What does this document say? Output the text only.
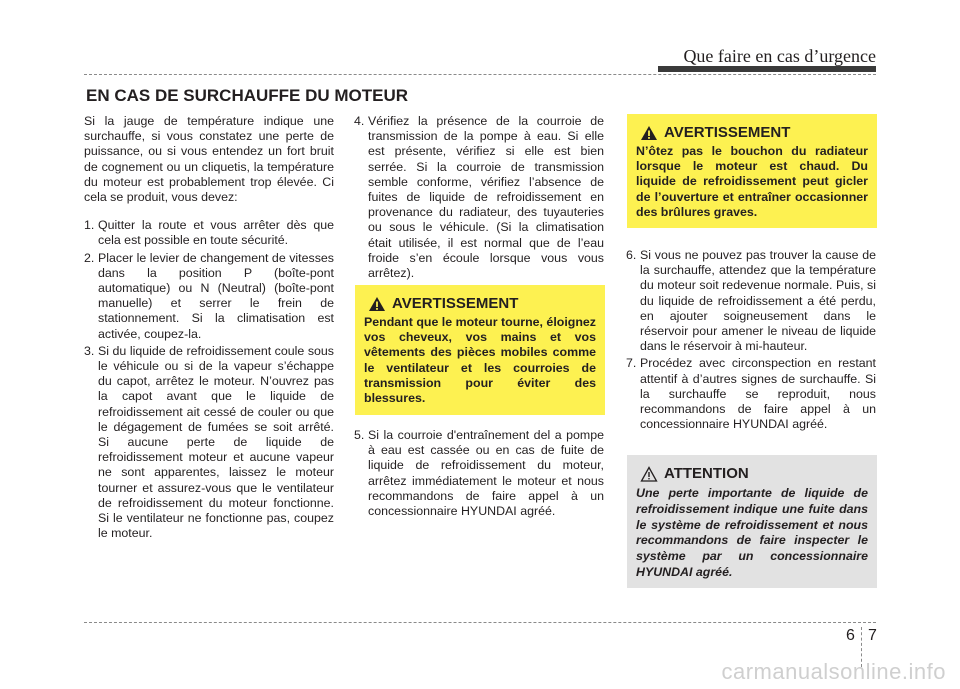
Que faire en cas d’urgence
EN CAS DE SURCHAUFFE DU MOTEUR

Si la jauge de température indique une surchauffe, si vous constatez une perte de puissance, ou si vous entendez un fort bruit de cognement ou un cliquetis, la température du moteur est probablement trop élevée. Ci cela se produit, vous devez:

1. Quitter la route et vous arrêter dès que cela est possible en toute sécurité.
2. Placer le levier de changement de vitesses dans la position P (boîte-pont automatique) ou N (Neutral) (boîte-pont manuelle) et serrer le frein de stationnement. Si la climatisation est activée, coupez-la.
3. Si du liquide de refroidissement coule sous le véhicule ou si de la vapeur s’échappe du capot, arrêtez le moteur. N’ouvrez pas la capot avant que le liquide de refroidissement ait cessé de couler ou que le dégagement de fumées se soit arrêté. Si aucune perte de liquide de refroidissement moteur et aucune vapeur ne sont apparentes, laissez le moteur tourner et assurez-vous que le ventilateur de refroidissement du moteur fonctionne. Si le ventilateur ne fonctionne pas, coupez le moteur.
4. Vérifiez la présence de la courroie de transmission de la pompe à eau. Si elle est présente, vérifiez si elle est bien serrée. Si la courroie de transmission semble conforme, vérifiez l’absence de fuites de liquide de refroidissement en provenance du radiateur, des tuyauteries ou sous le véhicule. (Si la climatisation était utilisée, il est normal que de l’eau froide s’en écoule lorsque vous vous arrêtez).
AVERTISSEMENT
Pendant que le moteur tourne, éloignez vos cheveux, vos mains et vos vêtements des pièces mobiles comme le ventilateur et les courroies de transmission pour éviter des blessures.
5. Si la courroie d'entraînement del a pompe à eau est cassée ou en cas de fuite de liquide de refroidissement du moteur, arrêtez immédiatement le moteur et nous recommandons de faire appel à un concessionnaire HYUNDAI agréé.
AVERTISSEMENT
N’ôtez pas le bouchon du radiateur lorsque le moteur est chaud. Du liquide de refroidissement peut gicler de l’ouverture et entraîner occasionner des brûlures graves.
6. Si vous ne pouvez pas trouver la cause de la surchauffe, attendez que la température du moteur soit redevenue normale. Puis, si du liquide de refroidissement a été perdu, en ajouter soigneusement dans le réservoir pour amener le niveau de liquide dans le réservoir à mi-hauteur.
7. Procédez avec circonspection en restant attentif à d’autres signes de surchauffe. Si la surchauffe se reproduit, nous recommandons de faire appel à un concessionnaire HYUNDAI agréé.
ATTENTION
Une perte importante de liquide de refroidissement indique une fuite dans le système de refroidissement et nous recommandons de faire inspecter le système par un concessionnaire HYUNDAI agréé.
6 7
carmanualsonline.info
